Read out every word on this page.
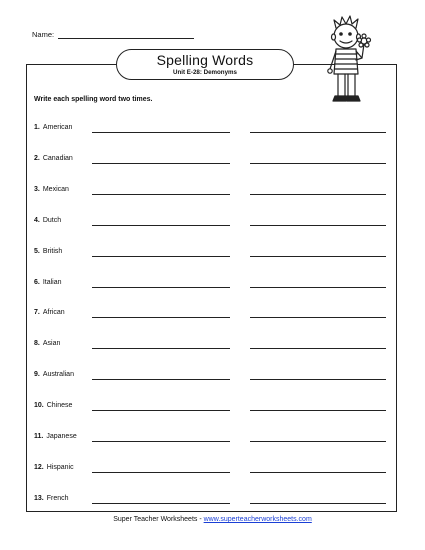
Name:
Spelling Words
Unit E-28: Demonyms
Write each spelling word two times.
1. American
2. Canadian
3. Mexican
4. Dutch
5. British
6. Italian
7. African
8. Asian
9. Australian
10. Chinese
11. Japanese
12. Hispanic
13. French
Super Teacher Worksheets - www.superteacherworksheets.com
